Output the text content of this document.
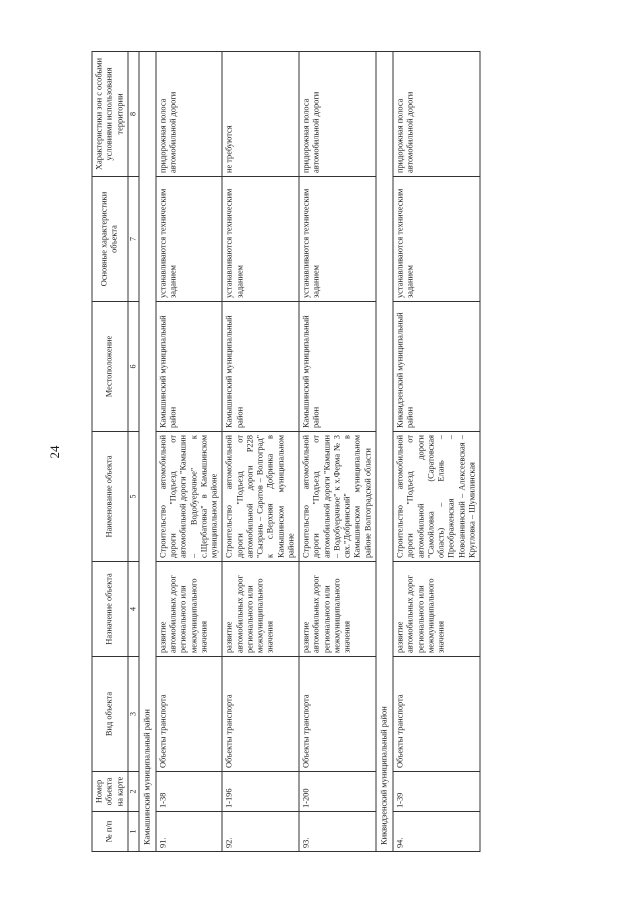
24
№ п/п	Номер объекта на карте	Вид объекта	Назначение объекта	Наименование объекта	Местоположение	Основные характеристики объекта	Характеристики зон с особыми условиями использования территории
1	2	3	4	5	6	7	8
Камышинский муниципальный район							
91.	1-38	Объекты транспорта	развитие автомобильных дорог регионального или межмуниципального значения	Строительство автомобильной дороги "Подъезд от автомобильной дороги "Камышин – Водобуерачное" к с.Щербатовка" в Камышинском муниципальном районе	Камышинский муниципальный район	устанавливаются техническим заданием	придорожная полоса автомобильной дороги
92.	1-196	Объекты транспорта	развитие автомобильных дорог регионального или межмуниципального значения	Строительство автомобильной дороги "Подъезд от автомобильной дороги Р228 "Сызрань – Саратов – Волгоград" к с.Верхняя Добринка в Камышинском муниципальном районе	Камышинский муниципальный район	устанавливаются техническим заданием	не требуются
93.	1-200	Объекты транспорта	развитие автомобильных дорог регионального или межмуниципального значения	Строительство автомобильной дороги "Подъезд от автомобильной дороги "Камышин – Водобуерачное" к х.Ферма № 3 свх."Добринский" в Камышинском муниципальном районе Волгоградской области	Камышинский муниципальный район	устанавливаются техническим заданием	придорожная полоса автомобильной дороги
Киквидзенский муниципальный район							
94.	1-39	Объекты транспорта	развитие автомобильных дорог регионального или межмуниципального значения	Строительство автомобильной дороги "Подъезд от автомобильной дороги "Самойловка (Саратовская область) – Елань – Преображенская – Новоаннинский – Алексеевская – Кругловка – Шумилинская	Киквидзенский муниципальный район	устанавливаются техническим заданием	придорожная полоса автомобильной дороги
